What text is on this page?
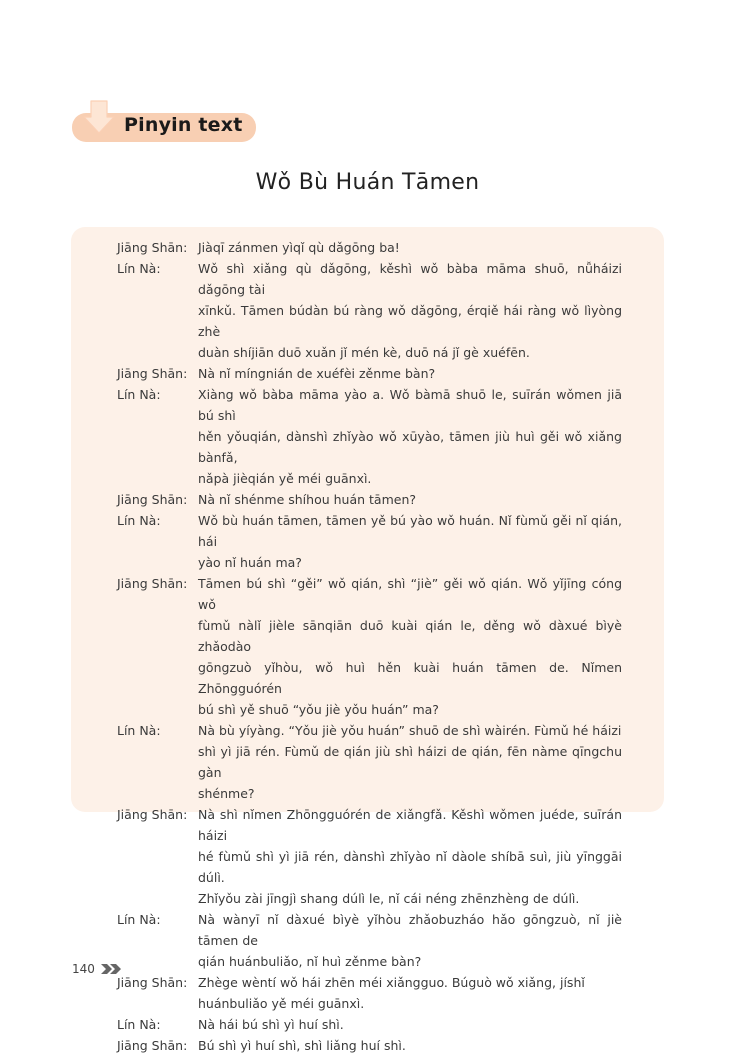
Pinyin text
Wǒ Bù Huán Tāmen
Jiāng Shān: Jiàqī zánmen yìqǐ qù dǎgōng ba!
Lín Nà:	Wǒ shì xiǎng qù dǎgōng, kěshì wǒ bàba māma shuō, nǚháizi dǎgōng tài
xīnkǔ. Tāmen búdàn bú ràng wǒ dǎgōng, érqiě hái ràng wǒ lìyòng zhè
duàn shíjiān duō xuǎn jǐ mén kè, duō ná jǐ gè xuéfēn.
Jiāng Shān: Nà nǐ míngnián de xuéfèi zěnme bàn?
Lín Nà:	Xiàng wǒ bàba māma yào a. Wǒ bàmā shuō le, suīrán wǒmen jiā bú shì
hěn yǒuqián, dànshì zhǐyào wǒ xūyào, tāmen jiù huì gěi wǒ xiǎng bànfǎ,
nǎpà jièqián yě méi guānxì.
Jiāng Shān: Nà nǐ shénme shíhou huán tāmen?
Lín Nà:	Wǒ bù huán tāmen, tāmen yě bú yào wǒ huán. Nǐ fùmǔ gěi nǐ qián, hái
yào nǐ huán ma?
Jiāng Shān: Tāmen bú shì “gěi” wǒ qián, shì “jiè” gěi wǒ qián. Wǒ yǐjīng cóng wǒ
fùmǔ nàlǐ jièle sānqiān duō kuài qián le, děng wǒ dàxué bìyè zhǎodào
gōngzuò yǐhòu, wǒ huì hěn kuài huán tāmen de. Nǐmen Zhōngguórén
bú shì yě shuō “yǒu jiè yǒu huán” ma?
Lín Nà:	Nà bù yíyàng. “Yǒu jiè yǒu huán” shuō de shì wàirén. Fùmǔ hé háizi
shì yì jiā rén. Fùmǔ de qián jiù shì háizi de qián, fēn nàme qīngchu gàn
shénme?
Jiāng Shān: Nà shì nǐmen Zhōngguórén de xiǎngfǎ. Kěshì wǒmen juéde, suīrán háizi
hé fùmǔ shì yì jiā rén, dànshì zhǐyào nǐ dàole shíbā suì, jiù yīnggāi dúlì.
Zhǐyǒu zài jīngjì shang dúlì le, nǐ cái néng zhēnzhèng de dúlì.
Lín Nà:	Nà wànyī nǐ dàxué bìyè yǐhòu zhǎobuzháo hǎo gōngzuò, nǐ jiè tāmen de
qián huánbuliǎo, nǐ huì zěnme bàn?
Jiāng Shān: Zhège wèntí wǒ hái zhēn méi xiǎngguo. Búguò wǒ xiǎng, jíshǐ
huánbuliǎo yě méi guānxì.
Lín Nà:	Nà hái bú shì yì huí shì.
Jiāng Shān: Bú shì yì huí shì, shì liǎng huí shì.
140
